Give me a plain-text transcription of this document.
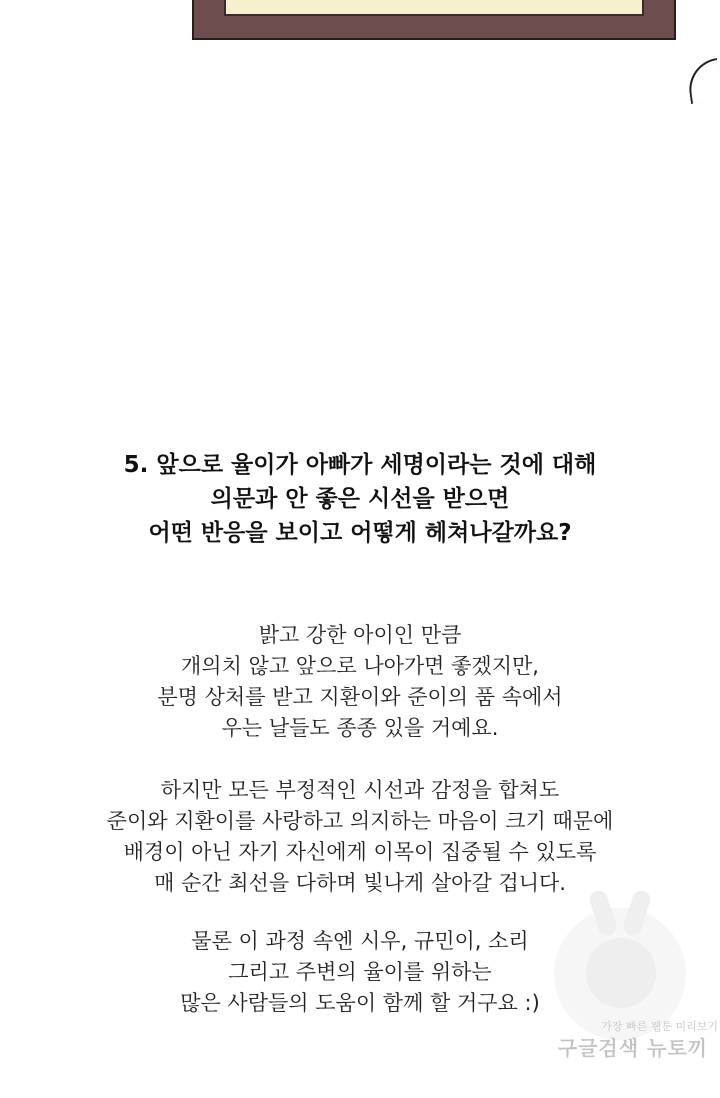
5. 앞으로 율이가 아빠가 세명이라는 것에 대해
의문과 안 좋은 시선을 받으면
어떤 반응을 보이고 어떻게 헤쳐나갈까요?
밝고 강한 아이인 만큼
개의치 않고 앞으로 나아가면 좋겠지만,
분명 상처를 받고 지환이와 준이의 품 속에서
우는 날들도 종종 있을 거예요.
하지만 모든 부정적인 시선과 감정을 합쳐도
준이와 지환이를 사랑하고 의지하는 마음이 크기 때문에
배경이 아닌 자기 자신에게 이목이 집중될 수 있도록
매 순간 최선을 다하며 빛나게 살아갈 겁니다.
물론 이 과정 속엔 시우, 규민이, 소리
그리고 주변의 율이를 위하는
많은 사람들의 도움이 함께 할 거구요 :)
가장 빠른 웹툰 미리보기
구글검색 뉴토끼
